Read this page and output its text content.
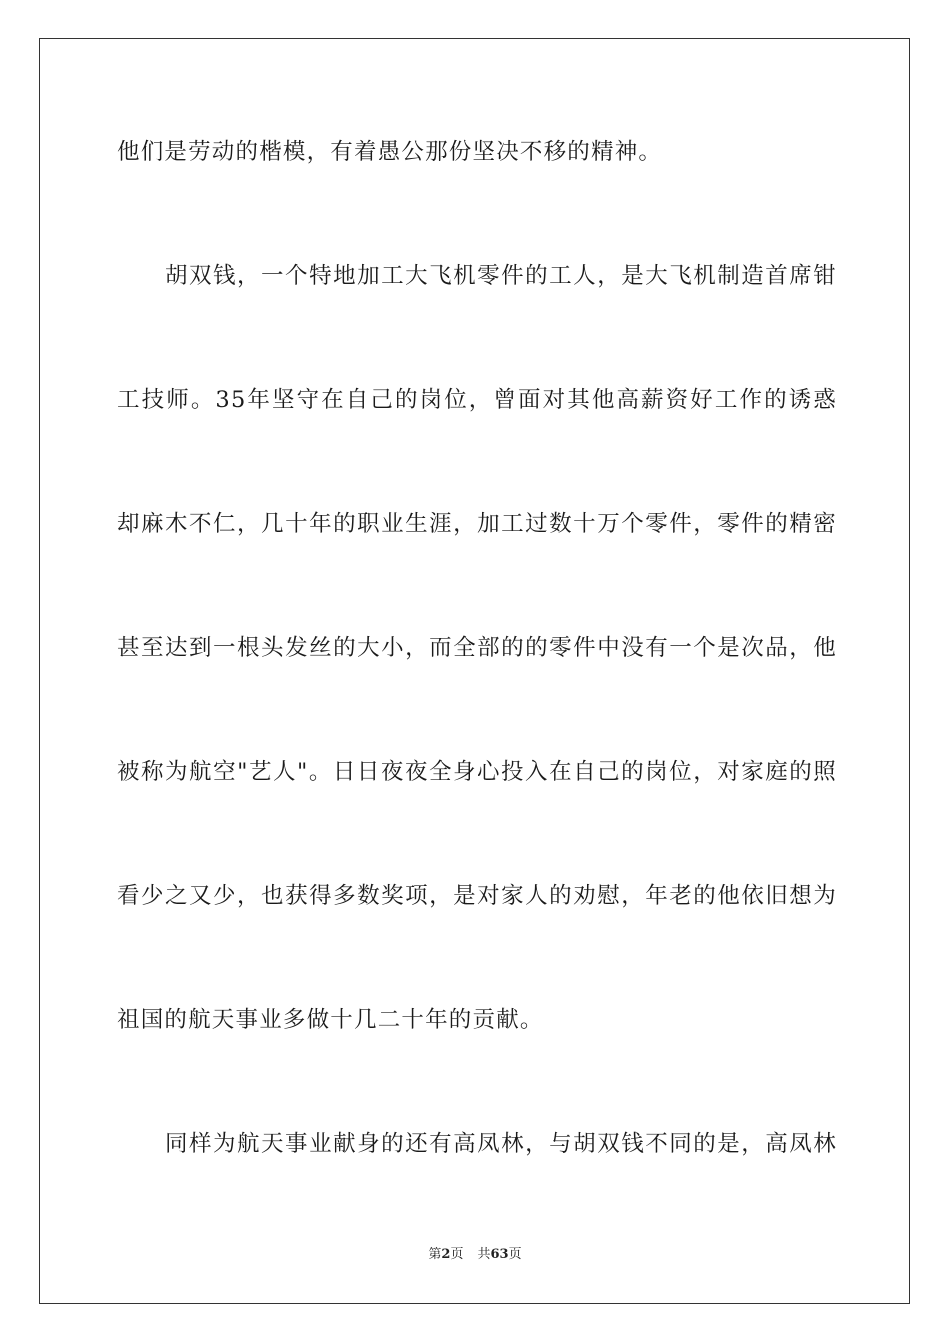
他们是劳动的楷模，有着愚公那份坚决不移的精神。
胡双钱，一个特地加工大飞机零件的工人，是大飞机制造首席钳
工技师。35年坚守在自己的岗位，曾面对其他高薪资好工作的诱惑
却麻木不仁，几十年的职业生涯，加工过数十万个零件，零件的精密
甚至达到一根头发丝的大小，而全部的的零件中没有一个是次品，他
被称为航空"艺人"。日日夜夜全身心投入在自己的岗位，对家庭的照
看少之又少，也获得多数奖项，是对家人的劝慰，年老的他依旧想为
祖国的航天事业多做十几二十年的贡献。
同样为航天事业献身的还有高凤林，与胡双钱不同的是，高凤林
第2页 共63页
